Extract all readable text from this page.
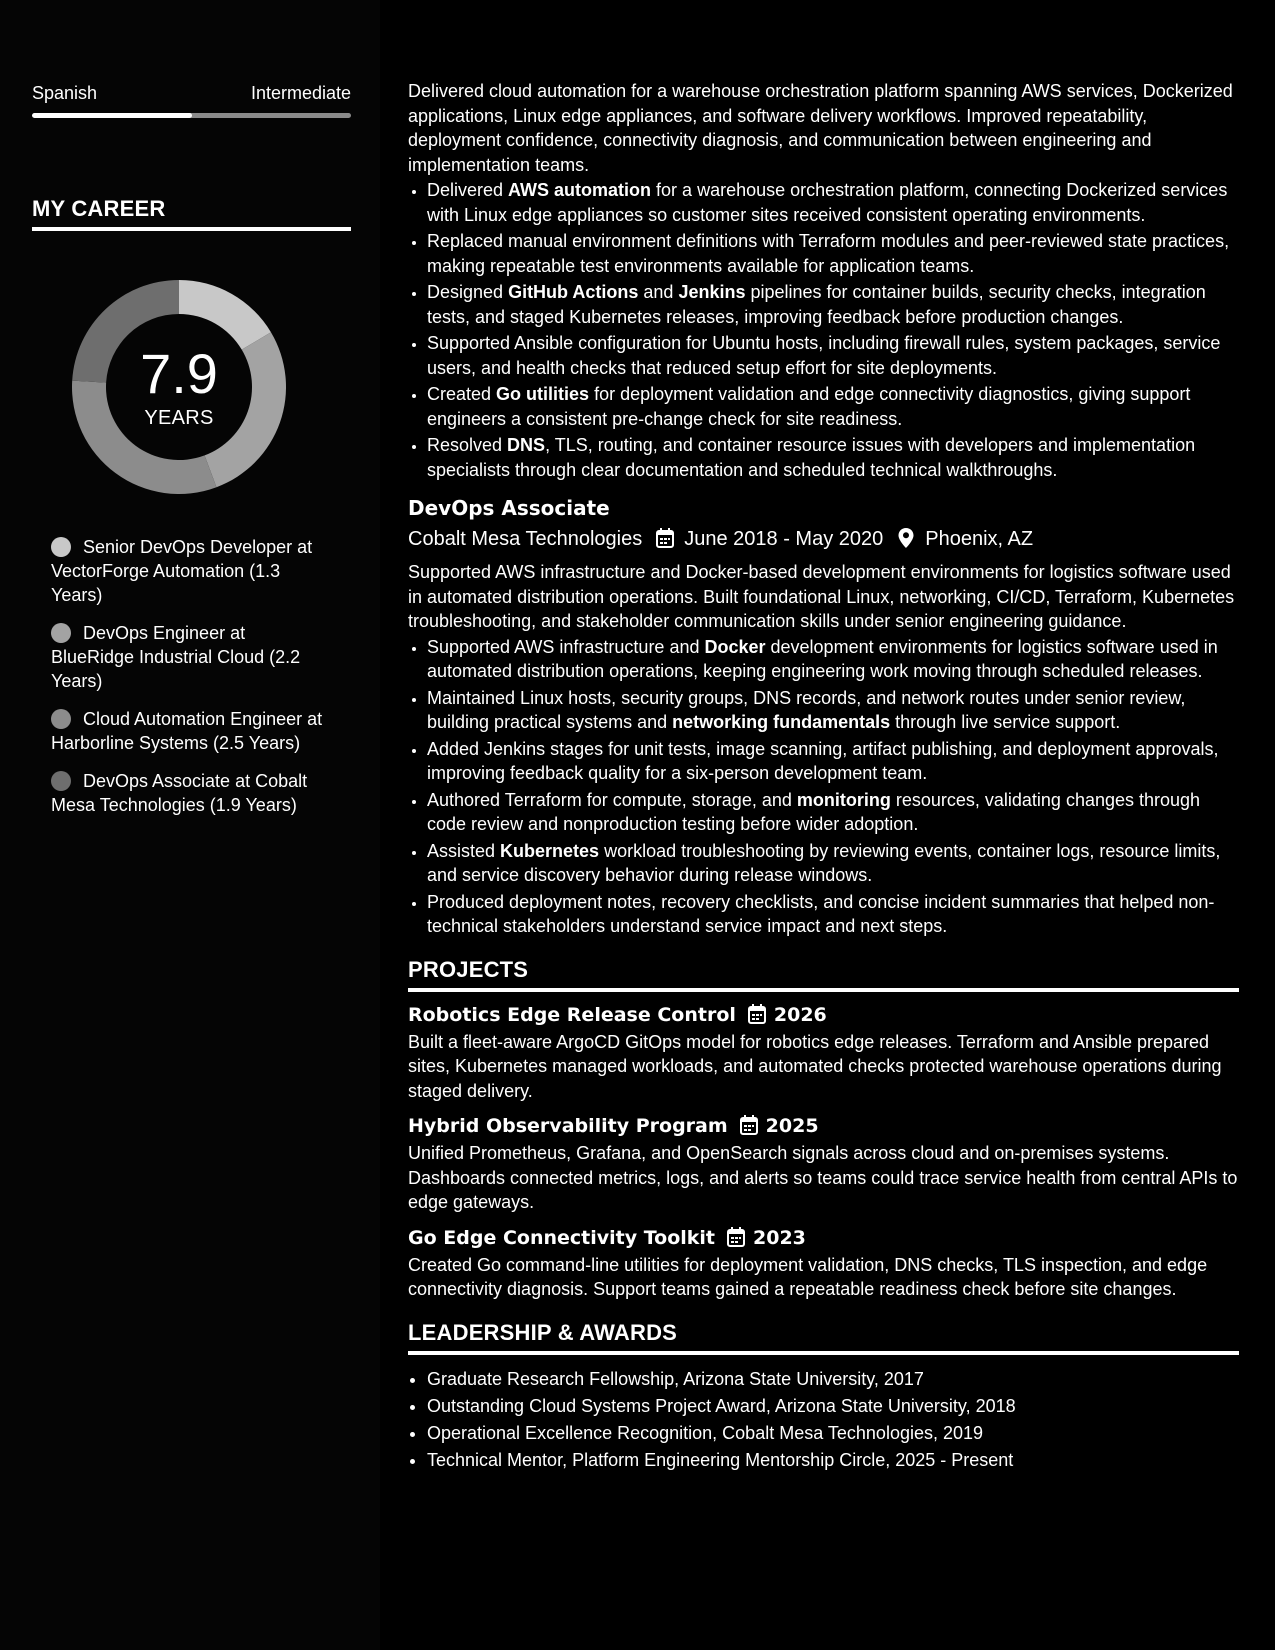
Spanish	Intermediate
MY CAREER
7.9
YEARS
Senior DevOps Developer at VectorForge Automation (1.3 Years)
DevOps Engineer at BlueRidge Industrial Cloud (2.2 Years)
Cloud Automation Engineer at Harborline Systems (2.5 Years)
DevOps Associate at Cobalt Mesa Technologies (1.9 Years)

Delivered cloud automation for a warehouse orchestration platform spanning AWS services, Dockerized applications, Linux edge appliances, and software delivery workflows. Improved repeatability, deployment confidence, connectivity diagnosis, and communication between engineering and implementation teams.

• Delivered AWS automation for a warehouse orchestration platform, connecting Dockerized services with Linux edge appliances so customer sites received consistent operating environments.
• Replaced manual environment definitions with Terraform modules and peer-reviewed state practices, making repeatable test environments available for application teams.
• Designed GitHub Actions and Jenkins pipelines for container builds, security checks, integration tests, and staged Kubernetes releases, improving feedback before production changes.
• Supported Ansible configuration for Ubuntu hosts, including firewall rules, system packages, service users, and health checks that reduced setup effort for site deployments.
• Created Go utilities for deployment validation and edge connectivity diagnostics, giving support engineers a consistent pre-change check for site readiness.
• Resolved DNS, TLS, routing, and container resource issues with developers and implementation specialists through clear documentation and scheduled technical walkthroughs.
DevOps Associate
Cobalt Mesa Technologies June 2018 - May 2020 Phoenix, AZ

Supported AWS infrastructure and Docker-based development environments for logistics software used in automated distribution operations. Built foundational Linux, networking, CI/CD, Terraform, Kubernetes troubleshooting, and stakeholder communication skills under senior engineering guidance.

• Supported AWS infrastructure and Docker development environments for logistics software used in automated distribution operations, keeping engineering work moving through scheduled releases.
• Maintained Linux hosts, security groups, DNS records, and network routes under senior review, building practical systems and networking fundamentals through live service support.
• Added Jenkins stages for unit tests, image scanning, artifact publishing, and deployment approvals, improving feedback quality for a six-person development team.
• Authored Terraform for compute, storage, and monitoring resources, validating changes through code review and nonproduction testing before wider adoption.
• Assisted Kubernetes workload troubleshooting by reviewing events, container logs, resource limits, and service discovery behavior during release windows.
• Produced deployment notes, recovery checklists, and concise incident summaries that helped non-technical stakeholders understand service impact and next steps.
PROJECTS
Robotics Edge Release Control 2026

Built a fleet-aware ArgoCD GitOps model for robotics edge releases. Terraform and Ansible prepared sites, Kubernetes managed workloads, and automated checks protected warehouse operations during staged delivery.

Hybrid Observability Program 2025

Unified Prometheus, Grafana, and OpenSearch signals across cloud and on-premises systems. Dashboards connected metrics, logs, and alerts so teams could trace service health from central APIs to edge gateways.

Go Edge Connectivity Toolkit 2023

Created Go command-line utilities for deployment validation, DNS checks, TLS inspection, and edge connectivity diagnosis. Support teams gained a repeatable readiness check before site changes.

LEADERSHIP & AWARDS
• Graduate Research Fellowship, Arizona State University, 2017
• Outstanding Cloud Systems Project Award, Arizona State University, 2018
• Operational Excellence Recognition, Cobalt Mesa Technologies, 2019
• Technical Mentor, Platform Engineering Mentorship Circle, 2025 - Present
